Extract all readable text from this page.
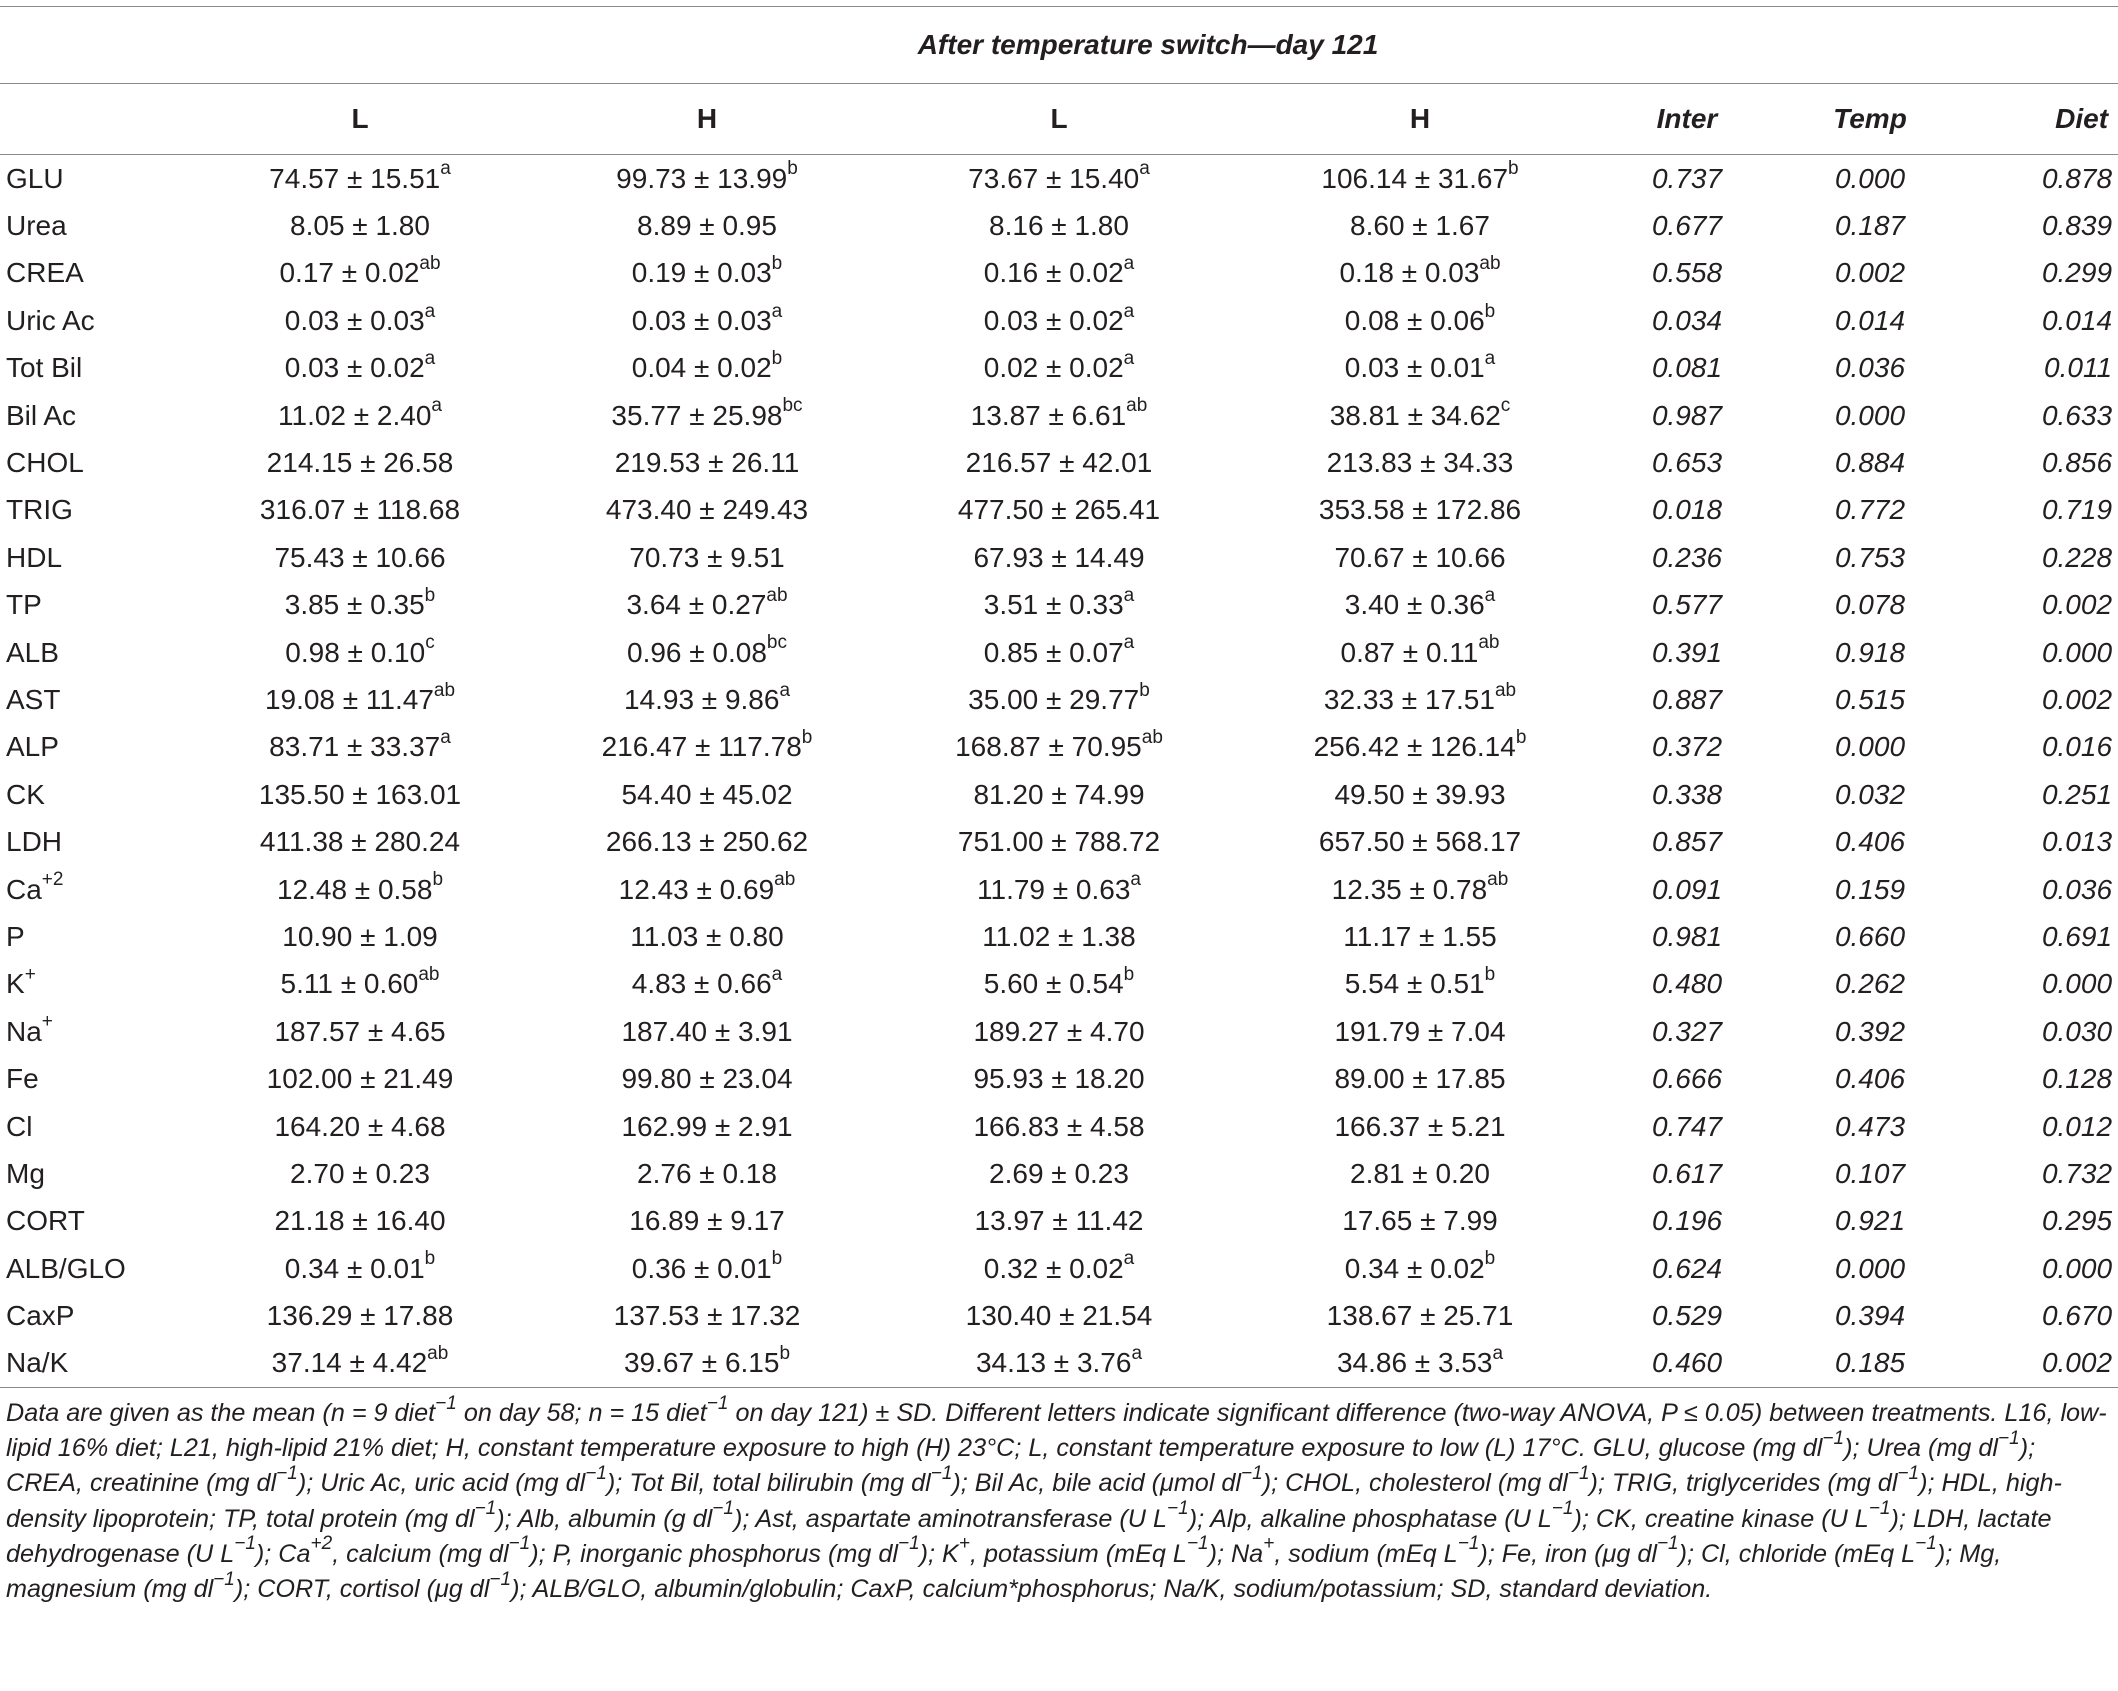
	After temperature switch—day 121						
	L	H	L	H	Inter	Temp	Diet
GLU	74.57 ± 15.51$^a$	99.73 ± 13.99$^b$	73.67 ± 15.40$^a$	106.14 ± 31.67$^b$	0.737	0.000	0.878
Urea	8.05 ± 1.80	8.89 ± 0.95	8.16 ± 1.80	8.60 ± 1.67	0.677	0.187	0.839
CREA	0.17 ± 0.02$^{ab}$	0.19 ± 0.03$^b$	0.16 ± 0.02$^a$	0.18 ± 0.03$^{ab}$	0.558	0.002	0.299
Uric Ac	0.03 ± 0.03$^a$	0.03 ± 0.03$^a$	0.03 ± 0.02$^a$	0.08 ± 0.06$^b$	0.034	0.014	0.014
Tot Bil	0.03 ± 0.02$^a$	0.04 ± 0.02$^b$	0.02 ± 0.02$^a$	0.03 ± 0.01$^a$	0.081	0.036	0.011
Bil Ac	11.02 ± 2.40$^a$	35.77 ± 25.98$^{bc}$	13.87 ± 6.61$^{ab}$	38.81 ± 34.62$^c$	0.987	0.000	0.633
CHOL	214.15 ± 26.58	219.53 ± 26.11	216.57 ± 42.01	213.83 ± 34.33	0.653	0.884	0.856
TRIG	316.07 ± 118.68	473.40 ± 249.43	477.50 ± 265.41	353.58 ± 172.86	0.018	0.772	0.719
HDL	75.43 ± 10.66	70.73 ± 9.51	67.93 ± 14.49	70.67 ± 10.66	0.236	0.753	0.228
TP	3.85 ± 0.35$^b$	3.64 ± 0.27$^{ab}$	3.51 ± 0.33$^a$	3.40 ± 0.36$^a$	0.577	0.078	0.002
ALB	0.98 ± 0.10$^c$	0.96 ± 0.08$^{bc}$	0.85 ± 0.07$^a$	0.87 ± 0.11$^{ab}$	0.391	0.918	0.000
AST	19.08 ± 11.47$^{ab}$	14.93 ± 9.86$^a$	35.00 ± 29.77$^b$	32.33 ± 17.51$^{ab}$	0.887	0.515	0.002
ALP	83.71 ± 33.37$^a$	216.47 ± 117.78$^b$	168.87 ± 70.95$^{ab}$	256.42 ± 126.14$^b$	0.372	0.000	0.016
CK	135.50 ± 163.01	54.40 ± 45.02	81.20 ± 74.99	49.50 ± 39.93	0.338	0.032	0.251
LDH	411.38 ± 280.24	266.13 ± 250.62	751.00 ± 788.72	657.50 ± 568.17	0.857	0.406	0.013
$Ca^{+2}$	12.48 ± 0.58$^b$	12.43 ± 0.69$^{ab}$	11.79 ± 0.63$^a$	12.35 ± 0.78$^{ab}$	0.091	0.159	0.036
P	10.90 ± 1.09	11.03 ± 0.80	11.02 ± 1.38	11.17 ± 1.55	0.981	0.660	0.691
K+	5.11 ± 0.60$^{ab}$	4.83 ± 0.66$^a$	5.60 ± 0.54$^b$	5.54 ± 0.51$^b$	0.480	0.262	0.000
Na+	187.57 ± 4.65	187.40 ± 3.91	189.27 ± 4.70	191.79 ± 7.04	0.327	0.392	0.030
Fe	102.00 ± 21.49	99.80 ± 23.04	95.93 ± 18.20	89.00 ± 17.85	0.666	0.406	0.128
Cl	164.20 ± 4.68	162.99 ± 2.91	166.83 ± 4.58	166.37 ± 5.21	0.747	0.473	0.012
Mg	2.70 ± 0.23	2.76 ± 0.18	2.69 ± 0.23	2.81 ± 0.20	0.617	0.107	0.732
CORT	21.18 ± 16.40	16.89 ± 9.17	13.97 ± 11.42	17.65 ± 7.99	0.196	0.921	0.295
ALB/GLO	0.34 ± 0.01$^b$	0.36 ± 0.01$^b$	0.32 ± 0.02$^a$	0.34 ± 0.02$^b$	0.624	0.000	0.000
CaxP	136.29 ± 17.88	137.53 ± 17.32	130.40 ± 21.54	138.67 ± 25.71	0.529	0.394	0.670
Na/K	37.14 ± 4.42$^{ab}$	39.67 ± 6.15$^b$	34.13 ± 3.76$^a$	34.86 ± 3.53$^a$	0.460	0.185	0.002
Data are given as the mean (n = 9 diet$^{-1}$ on day 58; n = 15 diet$^{-1}$ on day 121) ± SD. Different letters indicate significant difference (two-way ANOVA, P ≤ 0.05) between treatments. L16, low-lipid 16% diet; L21, high-lipid 21% diet; H, constant temperature exposure to high (H) 23°C; L, constant temperature exposure to low (L) 17°C. GLU, glucose (mg $dl^{-1}$); Urea (mg $dl^{-1}$); CREA, creatinine (mg $dl^{-1}$); Uric Ac, uric acid (mg $dl^{-1}$); Tot Bil, total bilirubin (mg $dl^{-1}$); Bil Ac, bile acid (μmol $dl^{-1}$); CHOL, cholesterol (mg $dl^{-1}$); TRIG, triglycerides (mg $dl^{-1}$); HDL, high-density lipoprotein; TP, total protein (mg $dl^{-1}$); Alb, albumin (g $dl^{-1}$); Ast, aspartate aminotransferase (U $L^{-1}$); Alp, alkaline phosphatase (U $L^{-1}$); CK, creatine kinase (U $L^{-1}$); LDH, lactate dehydrogenase (U $L^{-1}$); $Ca^{+2}$, calcium (mg $dl^{-1}$); P, inorganic phosphorus (mg $dl^{-1}$); K+, potassium (mEq $L^{-1}$); Na+, sodium (mEq $L^{-1}$); Fe, iron (μg $dl^{-1}$); Cl, chloride (mEq $L^{-1}$); Mg, magnesium (mg $dl^{-1}$); CORT, cortisol (μg $dl^{-1}$); ALB/GLO, albumin/globulin; CaxP, calcium*phosphorus; Na/K, sodium/potassium; SD, standard deviation.
